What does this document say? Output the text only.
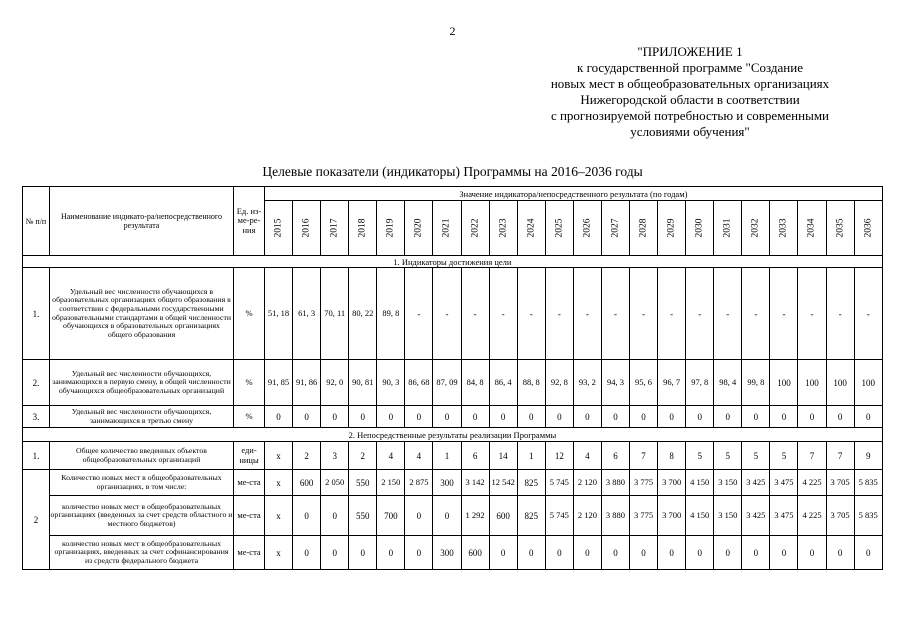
2
"ПРИЛОЖЕНИЕ 1
к государственной программе "Создание
новых мест в общеобразовательных организациях
Нижегородской области в соответствии
с прогнозируемой потребностью и современными
условиями обучения"
Целевые показатели (индикаторы) Программы на 2016–2036 годы
№ п/п	Наименование индикато-ра/непосредственного результата	Ед. из-ме-ре-ния	Значение индикатора/непосредственного результата (по годам)																					

			2015	2016	2017	2018	2019	2020	2021	2022	2023	2024	2025	2026	2027	2028	2029	2030	2031	2032	2033	2034	2035	2036

1. Индикаторы достижения цели																								
1.	Удельный вес численности обучающихся в образовательных организациях общего образования в соответствии с федеральными государственными образовательными стандартами в общей численности обучающихся в образовательных организациях общего образования	%	51, 18	61, 3	70, 11	80, 22	89, 8	-	-	-	-	-	-	-	-	-	-	-	-	-	-	-	-	-
2.	Удельный вес численности обучающихся, занимающихся в первую смену, в общей численности обучающихся общеобразовательных организаций	%	91, 85	91, 86	92, 0	90, 81	90, 3	86, 68	87, 09	84, 8	86, 4	88, 8	92, 8	93, 2	94, 3	95, 6	96, 7	97, 8	98, 4	99, 8	100	100	100	100
3.	Удельный вес численности обучающихся, занимающихся в третью смену	%	0	0	0	0	0	0	0	0	0	0	0	0	0	0	0	0	0	0	0	0	0	0
2. Непосредственные результаты реализации Программы																								
1.	Общее количество введенных объектов общеобразовательных организаций	еди-ницы	х	2	3	2	4	4	1	6	14	1	12	4	6	7	8	5	5	5	5	7	7	9
2	Количество новых мест в общеобразовательных организациях, в том числе:	ме-ста	х	600	2 050	550	2 150	2 875	300	3 142	12 542	825	5 745	2 120	3 880	3 775	3 700	4 150	3 150	3 425	3 475	4 225	3 705	5 835
	количество новых мест в общеобразовательных организациях (введенных за счет средств областного и местного бюджетов)	ме-ста	х	0	0	550	700	0	0	1 292	600	825	5 745	2 120	3 880	3 775	3 700	4 150	3 150	3 425	3 475	4 225	3 705	5 835
	количество новых мест в общеобразовательных организациях, введенных за счет софинансирования из средств федерального бюджета	ме-ста	х	0	0	0	0	0	300	600	0	0	0	0	0	0	0	0	0	0	0	0	0	0
